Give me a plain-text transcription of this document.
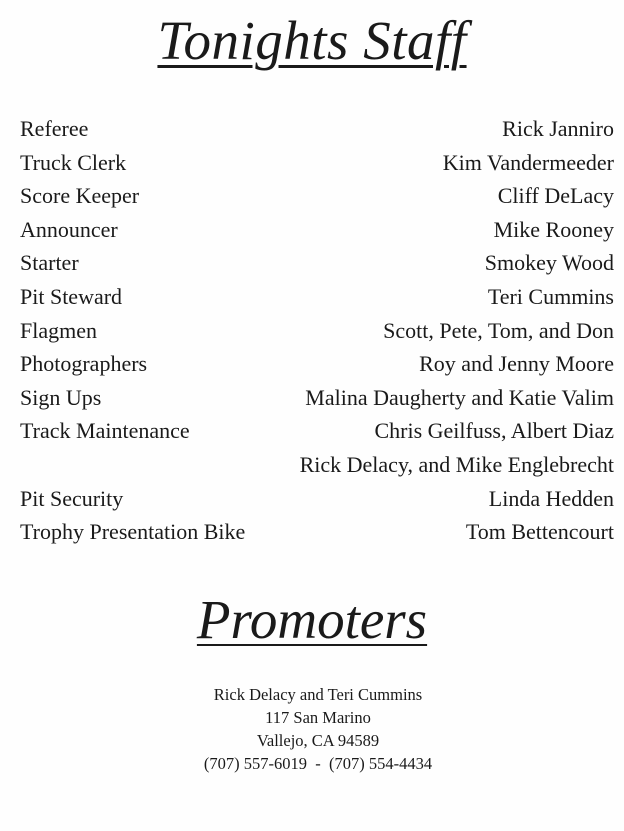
Tonights Staff
Referee	Rick Janniro
Truck Clerk	Kim Vandermeeder
Score Keeper	Cliff DeLacy
Announcer	Mike Rooney
Starter	Smokey Wood
Pit Steward	Teri Cummins
Flagmen	Scott, Pete, Tom, and Don
Photographers	Roy and Jenny Moore
Sign Ups	Malina Daugherty and Katie Valim
Track Maintenance	Chris Geilfuss, Albert Diaz
Rick Delacy, and Mike Englebrecht
Pit Security	Linda Hedden
Trophy Presentation Bike	Tom Bettencourt
Promoters
Rick Delacy and Teri Cummins
117 San Marino
Vallejo, CA 94589
(707) 557-6019  -  (707) 554-4434
